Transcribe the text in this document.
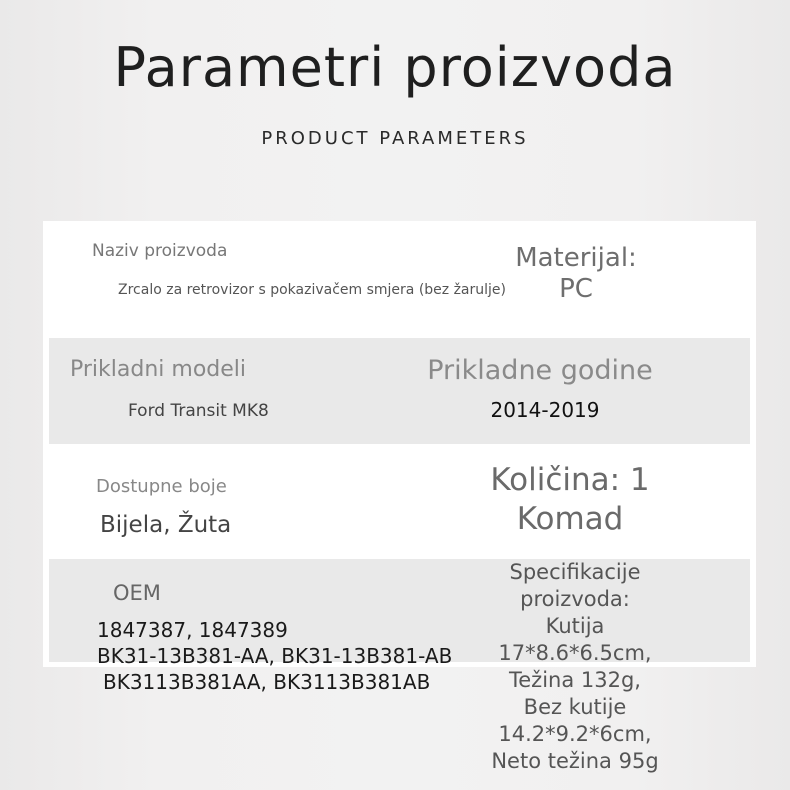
Parametri proizvoda
PRODUCT PARAMETERS
Naziv proizvoda
Zrcalo za retrovizor s pokazivačem smjera (bez žarulje)
Materijal:
PC
Prikladni modeli
Ford Transit MK8
Prikladne godine
2014-2019
Dostupne boje
Bijela, Žuta
Količina: 1
Komad
OEM
1847387, 1847389
BK31-13B381-AA, BK31-13B381-AB
BK3113B381AA, BK3113B381AB
Specifikacije
proizvoda:
Kutija
17*8.6*6.5cm,
Težina 132g,
Bez kutije
14.2*9.2*6cm,
Neto težina 95g
